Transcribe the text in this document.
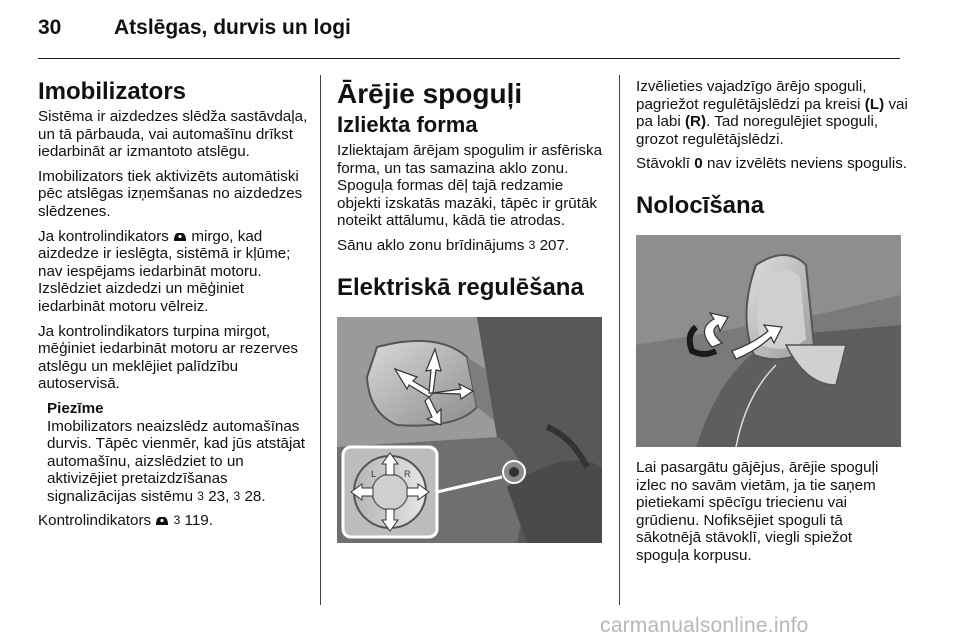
30	Atslēgas, durvis un logi
Imobilizators

Sistēma ir aizdedzes slēdža sastāvdaļa, un tā pārbauda, vai automašīnu drīkst iedarbināt ar izmantoto atslēgu.

Imobilizators tiek aktivizēts automātiski pēc atslēgas izņemšanas no aizdedzes slēdzenes.

Ja kontrolindikators mirgo, kad aizdedze ir ieslēgta, sistēmā ir kļūme; nav iespējams iedarbināt motoru. Izslēdziet aizdedzi un mēģiniet iedarbināt motoru vēlreiz.

Ja kontrolindikators turpina mirgot, mēģiniet iedarbināt motoru ar rezerves atslēgu un meklējiet palīdzību autoservisā.

Piezīme

Imobilizators neaizslēdz automašīnas durvis. Tāpēc vienmēr, kad jūs atstājat automašīnu, aizslēdziet to un aktivizējiet pretaizdzīšanas signalizācijas sistēmu 3 23, 3 28.

Kontrolindikators 3 119.

Ārējie spoguļi
Izliekta forma

Izliektajam ārējam spogulim ir asfēriska forma, un tas samazina aklo zonu. Spoguļa formas dēļ tajā redzamie objekti izskatās mazāki, tāpēc ir grūtāk noteikt attālumu, kādā tie atrodas.

Sānu aklo zonu brīdinājums 3 207.

Elektriskā regulēšana
L	R

Izvēlieties vajadzīgo ārējo spoguli, pagriežot regulētājslēdzi pa kreisi (L) vai pa labi (R). Tad noregulējiet spoguli, grozot regulētājslēdzi.

Stāvoklī 0 nav izvēlēts neviens spogulis.

Nolocīšana

Lai pasargātu gājējus, ārējie spoguļi izlec no savām vietām, ja tie saņem pietiekami spēcīgu triecienu vai grūdienu. Nofiksējiet spoguli tā sākotnējā stāvoklī, viegli spiežot spoguļa korpusu.

carmanualsonline.info
